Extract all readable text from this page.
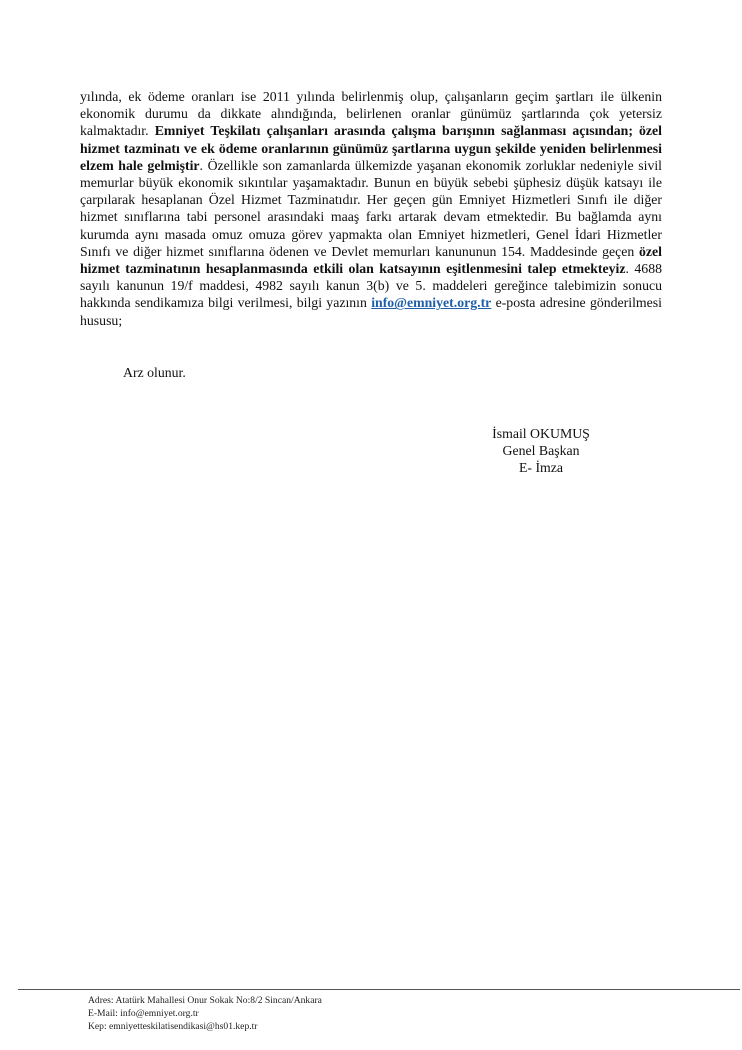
yılında, ek ödeme oranları ise 2011 yılında belirlenmiş olup, çalışanların geçim şartları ile ülkenin ekonomik durumu da dikkate alındığında, belirlenen oranlar günümüz şartlarında çok yetersiz kalmaktadır. Emniyet Teşkilatı çalışanları arasında çalışma barışının sağlanması açısından; özel hizmet tazminatı ve ek ödeme oranlarının günümüz şartlarına uygun şekilde yeniden belirlenmesi elzem hale gelmiştir. Özellikle son zamanlarda ülkemizde yaşanan ekonomik zorluklar nedeniyle sivil memurlar büyük ekonomik sıkıntılar yaşamaktadır. Bunun en büyük sebebi şüphesiz düşük katsayı ile çarpılarak hesaplanan Özel Hizmet Tazminatıdır. Her geçen gün Emniyet Hizmetleri Sınıfı ile diğer hizmet sınıflarına tabi personel arasındaki maaş farkı artarak devam etmektedir. Bu bağlamda aynı kurumda aynı masada omuz omuza görev yapmakta olan Emniyet hizmetleri, Genel İdari Hizmetler Sınıfı ve diğer hizmet sınıflarına ödenen ve Devlet memurları kanununun 154. Maddesinde geçen özel hizmet tazminatının hesaplanmasında etkili olan katsayının eşitlenmesini talep etmekteyiz. 4688 sayılı kanunun 19/f maddesi, 4982 sayılı kanun 3(b) ve 5. maddeleri gereğince talebimizin sonucu hakkında sendikamıza bilgi verilmesi, bilgi yazının info@emniyet.org.tr e-posta adresine gönderilmesi hususu;

Arz olunur.

İsmail OKUMUŞ
Genel Başkan
E- İmza
Adres: Atatürk Mahallesi Onur Sokak No:8/2 Sincan/Ankara
E-Mail: info@emniyet.org.tr
Kep: emniyetteskilatisendikasi@hs01.kep.tr
